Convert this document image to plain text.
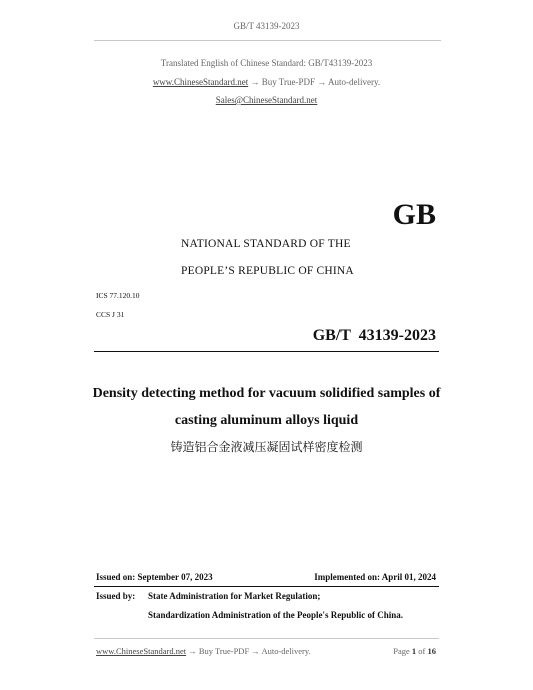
GB/T 43139-2023
Translated English of Chinese Standard: GB/T43139-2023
www.ChineseStandard.net → Buy True-PDF → Auto-delivery.
Sales@ChineseStandard.net
GB
NATIONAL STANDARD OF THE
PEOPLE’S REPUBLIC OF CHINA
ICS 77.120.10
CCS J 31
GB/T  43139-2023
Density detecting method for vacuum solidified samples of
casting aluminum alloys liquid
铸造铝合金液减压凝固试样密度检测
Issued on: September 07, 2023	Implemented on: April 01, 2024
Issued by: State Administration for Market Regulation;
Standardization Administration of the People's Republic of China.
www.ChineseStandard.net → Buy True-PDF → Auto-delivery.	Page 1 of 16
